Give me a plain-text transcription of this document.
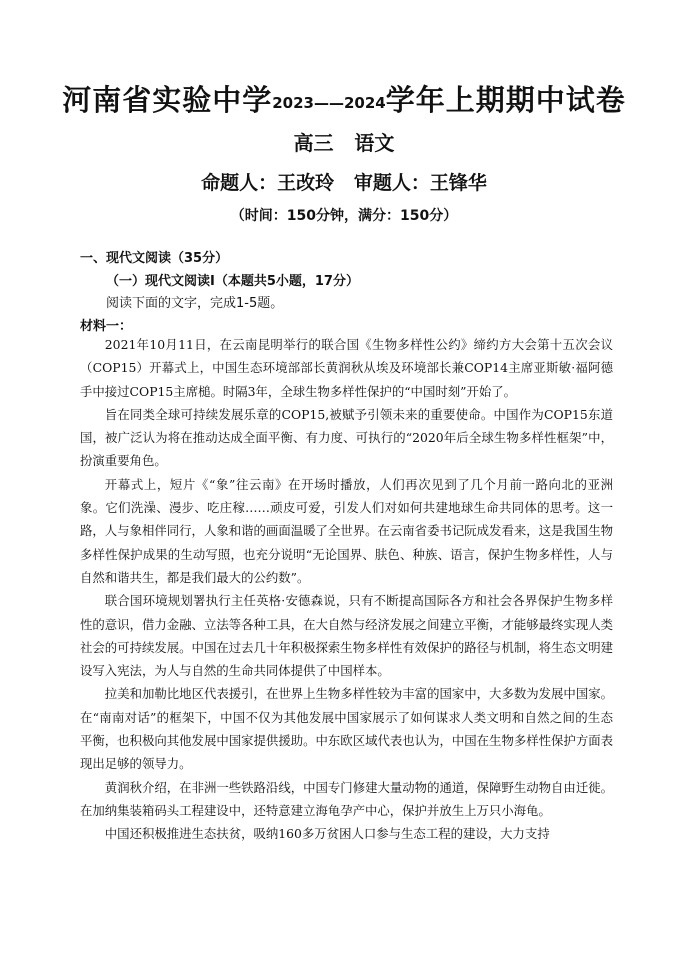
河南省实验中学2023——2024学年上期期中试卷
高三   语文
命题人：王改玲   审题人：王锋华
（时间：150分钟，满分：150分）
一、现代文阅读（35分）
（一）现代文阅读Ⅰ（本题共5小题，17分）
阅读下面的文字，完成1-5题。
材料一：

2021年10月11日，在云南昆明举行的联合国《生物多样性公约》缔约方大会第十五次会议（COP15）开幕式上，中国生态环境部部长黄润秋从埃及环境部长兼COP14主席亚斯敏·福阿德手中接过COP15主席槌。时隔3年，全球生物多样性保护的“中国时刻”开始了。

旨在同类全球可持续发展乐章的COP15,被赋予引领未来的重要使命。中国作为COP15东道国，被广泛认为将在推动达成全面平衡、有力度、可执行的“2020年后全球生物多样性框架”中，扮演重要角色。

开幕式上，短片《“象”往云南》在开场时播放，人们再次见到了几个月前一路向北的亚洲象。它们洗澡、漫步、吃庄稼……顽皮可爱，引发人们对如何共建地球生命共同体的思考。这一路，人与象相伴同行，人象和谐的画面温暖了全世界。在云南省委书记阮成发看来，这是我国生物多样性保护成果的生动写照，也充分说明“无论国界、肤色、种族、语言，保护生物多样性，人与自然和谐共生，都是我们最大的公约数”。

联合国环境规划署执行主任英格·安德森说，只有不断提高国际各方和社会各界保护生物多样性的意识，借力金融、立法等各种工具，在大自然与经济发展之间建立平衡，才能够最终实现人类社会的可持续发展。中国在过去几十年积极探索生物多样性有效保护的路径与机制，将生态文明建设写入宪法，为人与自然的生命共同体提供了中国样本。

拉美和加勒比地区代表援引，在世界上生物多样性较为丰富的国家中，大多数为发展中国家。在“南南对话”的框架下，中国不仅为其他发展中国家展示了如何谋求人类文明和自然之间的生态平衡，也积极向其他发展中国家提供援助。中东欧区域代表也认为，中国在生物多样性保护方面表现出足够的领导力。

黄润秋介绍，在非洲一些铁路沿线，中国专门修建大量动物的通道，保障野生动物自由迁徙。在加纳集装箱码头工程建设中，还特意建立海龟孕产中心，保护并放生上万只小海龟。

中国还积极推进生态扶贫，吸纳160多万贫困人口参与生态工程的建设，大力支持
